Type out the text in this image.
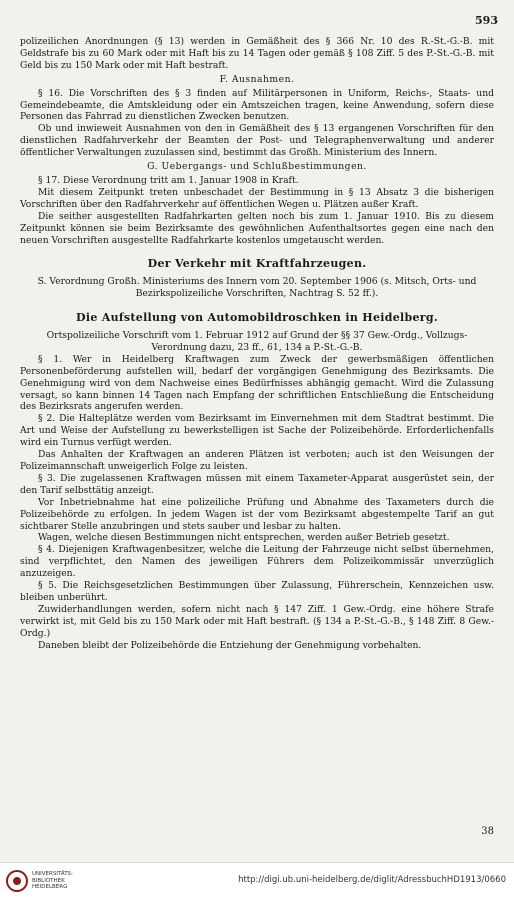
593

polizeilichen Anordnungen (§ 13) werden in Gemäßheit des § 366 Nr. 10 des R.-St.-G.-B. mit Geldstrafe bis zu 60 Mark oder mit Haft bis zu 14 Tagen oder gemäß § 108 Ziff. 5 des P.-St.-G.-B. mit Geld bis zu 150 Mark oder mit Haft bestraft.

F. Ausnahmen.

§ 16. Die Vorschriften des § 3 finden auf Militärpersonen in Uniform, Reichs-, Staats- und Gemeindebeamte, die Amtskleidung oder ein Amtszeichen tragen, keine Anwendung, sofern diese Personen das Fahrrad zu dienstlichen Zwecken benutzen.

Ob und inwieweit Ausnahmen von den in Gemäßheit des § 13 ergangenen Vorschriften für den dienstlichen Radfahrverkehr der Beamten der Post- und Telegraphenverwaltung und anderer öffentlicher Verwaltungen zuzulassen sind, bestimmt das Großh. Ministerium des Innern.

G. Uebergangs- und Schlußbestimmungen.

§ 17. Diese Verordnung tritt am 1. Januar 1908 in Kraft.

Mit diesem Zeitpunkt treten unbeschadet der Bestimmung in § 13 Absatz 3 die bisherigen Vorschriften über den Radfahrverkehr auf öffentlichen Wegen u. Plätzen außer Kraft.

Die seither ausgestellten Radfahrkarten gelten noch bis zum 1. Januar 1910. Bis zu diesem Zeitpunkt können sie beim Bezirksamte des gewöhnlichen Aufenthaltsortes gegen eine nach den neuen Vorschriften ausgestellte Radfahrkarte kostenlos umgetauscht werden.

Der Verkehr mit Kraftfahrzeugen.

S. Verordnung Großh. Ministeriums des Innern vom 20. September 1906 (s. Mitsch, Orts- und Bezirkspolizeiliche Vorschriften, Nachtrag S. 52 ff.).

Die Aufstellung von Automobildroschken in Heidelberg.

Ortspolizeiliche Vorschrift vom 1. Februar 1912 auf Grund der §§ 37 Gew.-Ordg., Vollzugs-Verordnung dazu, 23 ff., 61, 134 a P.-St.-G.-B.

§ 1. Wer in Heidelberg Kraftwagen zum Zweck der gewerbsmäßigen öffentlichen Personenbeförderung aufstellen will, bedarf der vorgängigen Genehmigung des Bezirksamts. Die Genehmigung wird von dem Nachweise eines Bedürfnisses abhängig gemacht. Wird die Zulassung versagt, so kann binnen 14 Tagen nach Empfang der schriftlichen Entschließung die Entscheidung des Bezirksrats angerufen werden.

§ 2. Die Halteplätze werden vom Bezirksamt im Einvernehmen mit dem Stadtrat bestimmt. Die Art und Weise der Aufstellung zu bewerkstelligen ist Sache der Polizeibehörde. Erforderlichenfalls wird ein Turnus verfügt werden.

Das Anhalten der Kraftwagen an anderen Plätzen ist verboten; auch ist den Weisungen der Polizeimannschaft unweigerlich Folge zu leisten.

§ 3. Die zugelassenen Kraftwagen müssen mit einem Taxameter-Apparat ausgerüstet sein, der den Tarif selbsttätig anzeigt.

Vor Inbetriebnahme hat eine polizeiliche Prüfung und Abnahme des Taxameters durch die Polizeibehörde zu erfolgen. In jedem Wagen ist der vom Bezirksamt abgestempelte Tarif an gut sichtbarer Stelle anzubringen und stets sauber und lesbar zu halten.

Wagen, welche diesen Bestimmungen nicht entsprechen, werden außer Betrieb gesetzt.

§ 4. Diejenigen Kraftwagenbesitzer, welche die Leitung der Fahrzeuge nicht selbst übernehmen, sind verpflichtet, den Namen des jeweiligen Führers dem Polizeikommissär unverzüglich anzuzeigen.

§ 5. Die Reichsgesetzlichen Bestimmungen über Zulassung, Führerschein, Kennzeichen usw. bleiben unberührt.

Zuwiderhandlungen werden, sofern nicht nach § 147 Ziff. 1 Gew.-Ordg. eine höhere Strafe verwirkt ist, mit Geld bis zu 150 Mark oder mit Haft bestraft. (§ 134 a P.-St.-G.-B., § 148 Ziff. 8 Gew.-Ordg.)

Daneben bleibt der Polizeibehörde die Entziehung der Genehmigung vorbehalten.

38
UNIVERSITÄTS-
BIBLIOTHEK
HEIDELBERG
http://digi.ub.uni-heidelberg.de/diglit/AdressbuchHD1913/0660
